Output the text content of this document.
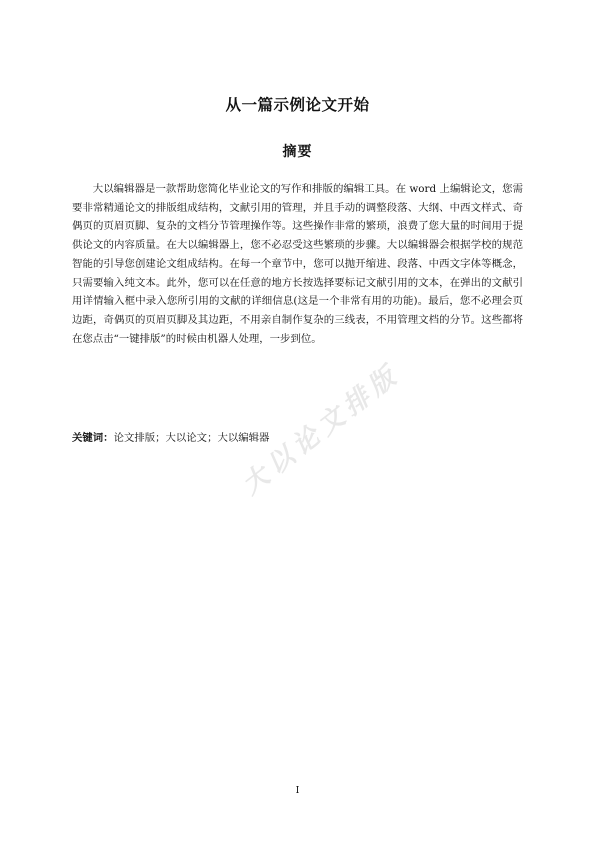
从一篇示例论文开始
摘要

大以编辑器是一款帮助您简化毕业论文的写作和排版的编辑工具。在 word 上编辑论文，您需要非常精通论文的排版组成结构，文献引用的管理，并且手动的调整段落、大纲、中西文样式、奇偶页的页眉页脚、复杂的文档分节管理操作等。这些操作非常的繁琐，浪费了您大量的时间用于提供论文的内容质量。在大以编辑器上，您不必忍受这些繁琐的步骤。大以编辑器会根据学校的规范智能的引导您创建论文组成结构。在每一个章节中，您可以抛开缩进、段落、中西文字体等概念，只需要输入纯文本。此外，您可以在任意的地方长按选择要标记文献引用的文本，在弹出的文献引用详情输入框中录入您所引用的文献的详细信息(这是一个非常有用的功能)。最后，您不必理会页边距，奇偶页的页眉页脚及其边距，不用亲自制作复杂的三线表，不用管理文档的分节。这些都将在您点击“一键排版”的时候由机器人处理，一步到位。

关键词：论文排版；大以论文；大以编辑器

大以论文排版
I
